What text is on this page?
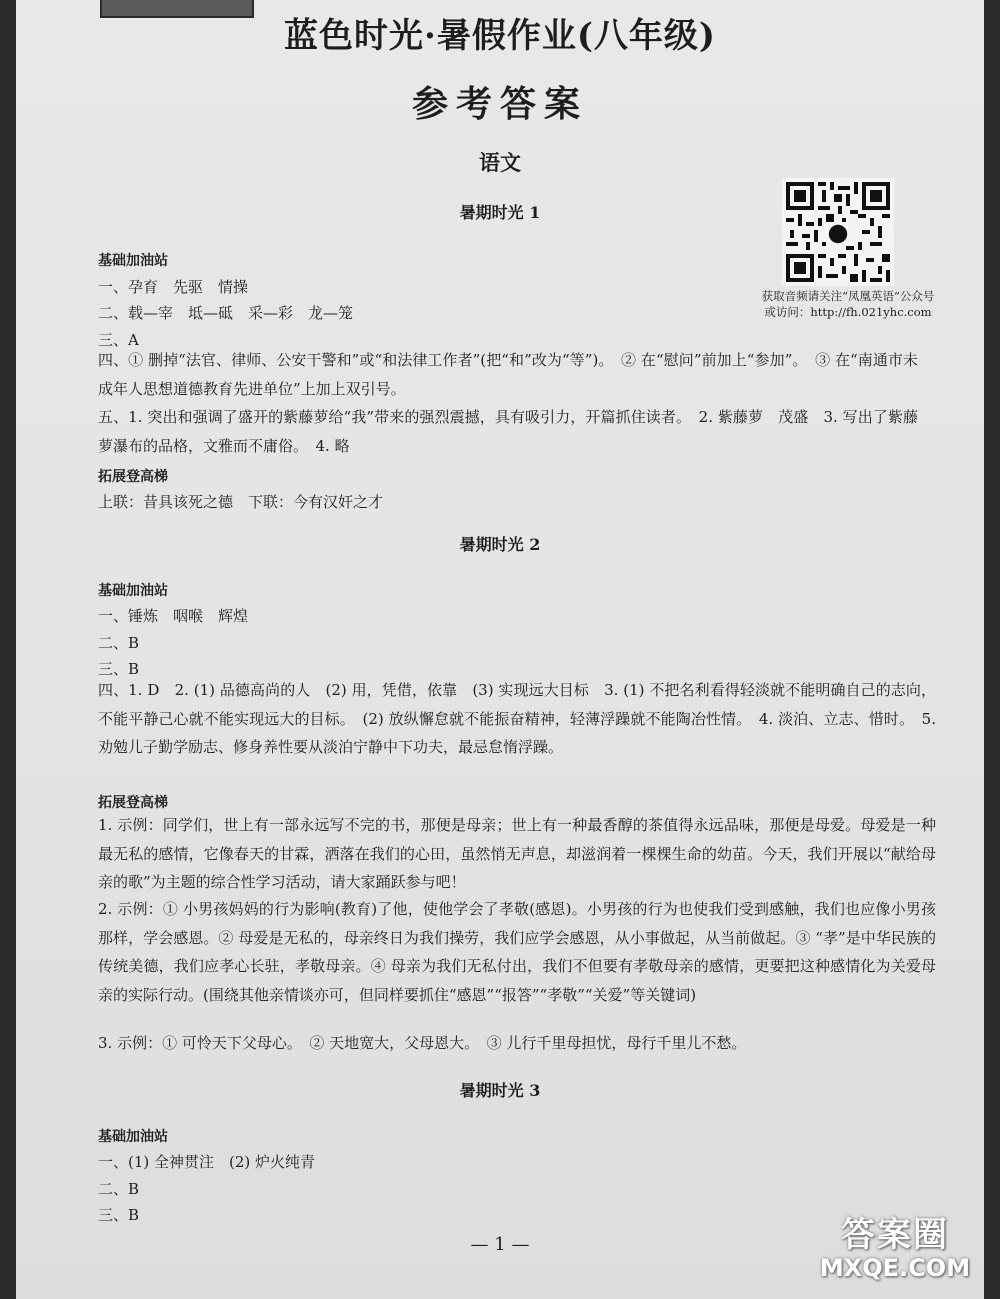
蓝色时光·暑假作业(八年级)
参考答案
语文
获取音频请关注“凤凰英语”公众号
或访问：http://fh.021yhc.com
暑期时光 1
基础加油站
一、孕育　先驱　情操
二、载—宰　坻—砥　采—彩　龙—笼
三、A
四、① 删掉“法官、律师、公安干警和”或“和法律工作者”(把“和”改为“等”)。　② 在“慰问”前加上“参加”。　③ 在“南通市未成年人思想道德教育先进单位”上加上双引号。
五、1. 突出和强调了盛开的紫藤萝给“我”带来的强烈震撼，具有吸引力，开篇抓住读者。　2. 紫藤萝　茂盛　3. 写出了紫藤萝瀑布的品格，文雅而不庸俗。　4. 略
拓展登高梯
上联：昔具该死之德　下联：今有汉奸之才
暑期时光 2
基础加油站
一、锤炼　咽喉　辉煌
二、B
三、B
四、1. D　2. (1) 品德高尚的人　(2) 用，凭借，依靠　(3) 实现远大目标　3. (1) 不把名利看得轻淡就不能明确自己的志向，不能平静己心就不能实现远大的目标。　(2) 放纵懈怠就不能振奋精神，轻薄浮躁就不能陶冶性情。　4. 淡泊、立志、惜时。　5. 劝勉儿子勤学励志、修身养性要从淡泊宁静中下功夫，最忌怠惰浮躁。
拓展登高梯
1. 示例：同学们，世上有一部永远写不完的书，那便是母亲；世上有一种最香醇的茶值得永远品味，那便是母爱。母爱是一种最无私的感情，它像春天的甘霖，洒落在我们的心田，虽然悄无声息，却滋润着一棵棵生命的幼苗。今天，我们开展以“献给母亲的歌”为主题的综合性学习活动，请大家踊跃参与吧！
2. 示例：① 小男孩妈妈的行为影响(教育)了他，使他学会了孝敬(感恩)。小男孩的行为也使我们受到感触，我们也应像小男孩那样，学会感恩。② 母爱是无私的，母亲终日为我们操劳，我们应学会感恩，从小事做起，从当前做起。③ “孝”是中华民族的传统美德，我们应孝心长驻，孝敬母亲。④ 母亲为我们无私付出，我们不但要有孝敬母亲的感情，更要把这种感情化为关爱母亲的实际行动。(围绕其他亲情谈亦可，但同样要抓住“感恩”“报答”“孝敬”“关爱”等关键词)
3. 示例：① 可怜天下父母心。　② 天地宽大，父母恩大。　③ 儿行千里母担忧，母行千里儿不愁。
暑期时光 3
基础加油站
一、(1) 全神贯注　(2) 炉火纯青
二、B
三、B
— 1 —	答案圈
MXQE.COM
